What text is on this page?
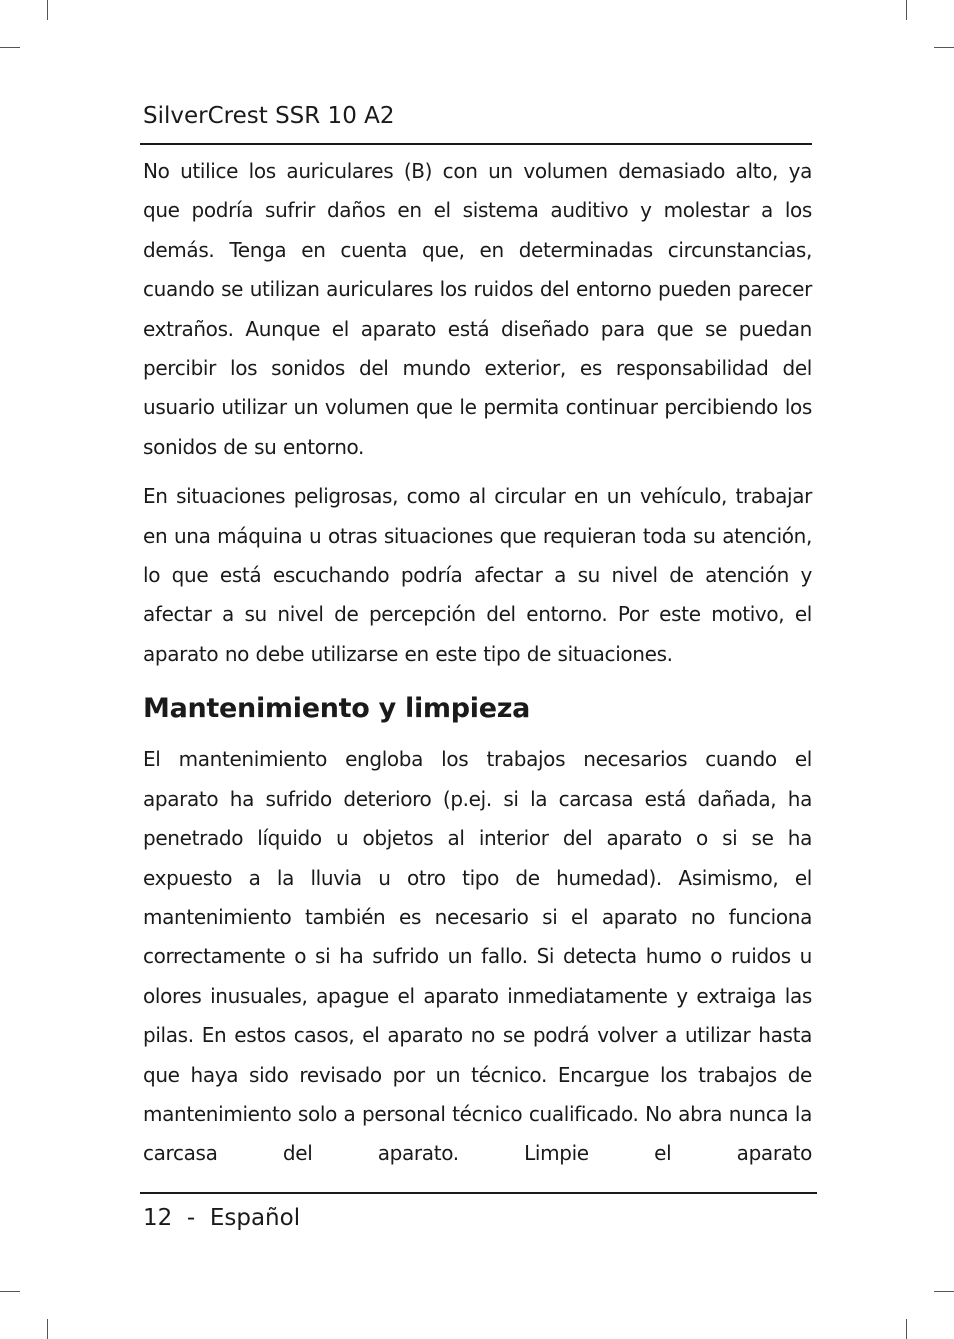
SilverCrest SSR 10 A2

No utilice los auriculares (B) con un volumen demasiado alto, ya que podría sufrir daños en el sistema auditivo y molestar a los demás. Tenga en cuenta que, en determinadas circunstancias, cuando se utilizan auriculares los ruidos del entorno pueden parecer extraños. Aunque el aparato está diseñado para que se puedan percibir los sonidos del mundo exterior, es responsabilidad del usuario utilizar un volumen que le permita continuar percibiendo los sonidos de su entorno.

En situaciones peligrosas, como al circular en un vehículo, trabajar en una máquina u otras situaciones que requieran toda su atención, lo que está escuchando podría afectar a su nivel de atención y afectar a su nivel de percepción del entorno. Por este motivo, el aparato no debe utilizarse en este tipo de situaciones.

Mantenimiento y limpieza

El mantenimiento engloba los trabajos necesarios cuando el aparato ha sufrido deterioro (p.ej. si la carcasa está dañada, ha penetrado líquido u objetos al interior del aparato o si se ha expuesto a la lluvia u otro tipo de humedad). Asimismo, el mantenimiento también es necesario si el aparato no funciona correctamente o si ha sufrido un fallo. Si detecta humo o ruidos u olores inusuales, apague el aparato inmediatamente y extraiga las pilas. En estos casos, el aparato no se podrá volver a utilizar hasta que haya sido revisado por un técnico. Encargue los trabajos de mantenimiento solo a personal técnico cualificado. No abra nunca la carcasa del aparato. Limpie el aparato

12 - Español
